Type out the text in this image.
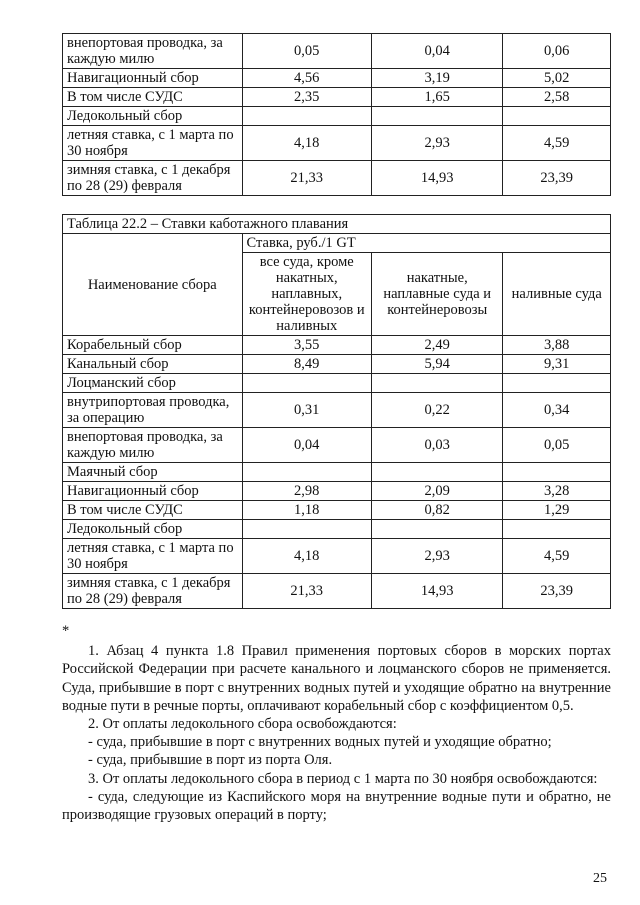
внепортовая проводка, за каждую милю	0,05	0,04	0,06
Навигационный сбор	4,56	3,19	5,02
В том числе СУДС	2,35	1,65	2,58
Ледокольный сбор			
летняя ставка, с 1 марта по 30 ноября	4,18	2,93	4,59
зимняя ставка, с 1 декабря по 28 (29) февраля	21,33	14,93	23,39
Таблица 22.2 – Ставки каботажного плавания			
Наименование сбора	Ставка, руб./1 GT		
	все суда, кроме накатных, наплавных, контейнеровозов и наливных	накатные, наплавные суда и контейнеровозы	наливные суда
Корабельный сбор	3,55	2,49	3,88
Канальный сбор	8,49	5,94	9,31
Лоцманский сбор			
внутрипортовая проводка, за операцию	0,31	0,22	0,34
внепортовая проводка, за каждую милю	0,04	0,03	0,05
Маячный сбор			
Навигационный сбор	2,98	2,09	3,28
В том числе СУДС	1,18	0,82	1,29
Ледокольный сбор			
летняя ставка, с 1 марта по 30 ноября	4,18	2,93	4,59
зимняя ставка, с 1 декабря по 28 (29) февраля	21,33	14,93	23,39

*

1. Абзац 4 пункта 1.8 Правил применения портовых сборов в морских портах Российской Федерации при расчете канального и лоцманского сборов не применяется. Суда, прибывшие в порт с внутренних водных путей и уходящие обратно на внутренние водные пути в речные порты, оплачивают корабельный сбор с коэффициентом 0,5.

2. От оплаты ледокольного сбора освобождаются:

- суда, прибывшие в порт с внутренних водных путей и уходящие обратно;

- суда, прибывшие в порт из порта Оля.

3. От оплаты ледокольного сбора в период с 1 марта по 30 ноября освобождаются:

- суда, следующие из Каспийского моря на внутренние водные пути и обратно, не производящие грузовых операций в порту;

25
